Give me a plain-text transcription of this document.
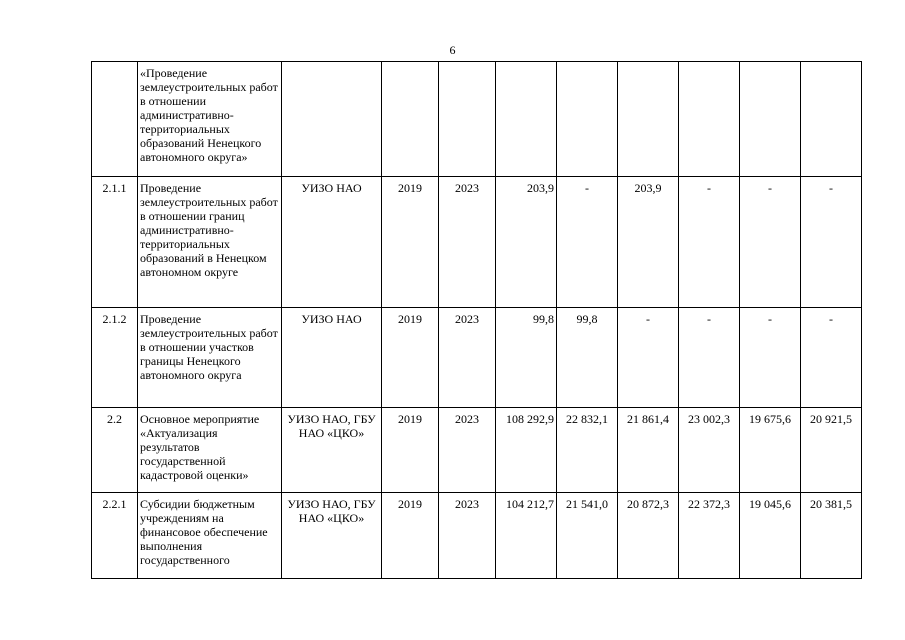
6
	«Проведение землеустроительных работ в отношении административно-территориальных образований Ненецкого автономного округа»									
2.1.1	Проведение землеустроительных работ в отношении границ административно-территориальных образований в Ненецком автономном округе	УИЗО НАО	2019	2023	203,9	-	203,9	-	-	-
2.1.2	Проведение землеустроительных работ в отношении участков границы Ненецкого автономного округа	УИЗО НАО	2019	2023	99,8	99,8	-	-	-	-
2.2	Основное мероприятие «Актуализация результатов государственной кадастровой оценки»	УИЗО НАО, ГБУ НАО «ЦКО»	2019	2023	108 292,9	22 832,1	21 861,4	23 002,3	19 675,6	20 921,5
2.2.1	Субсидии бюджетным учреждениям на финансовое обеспечение выполнения государственного	УИЗО НАО, ГБУ НАО «ЦКО»	2019	2023	104 212,7	21 541,0	20 872,3	22 372,3	19 045,6	20 381,5
